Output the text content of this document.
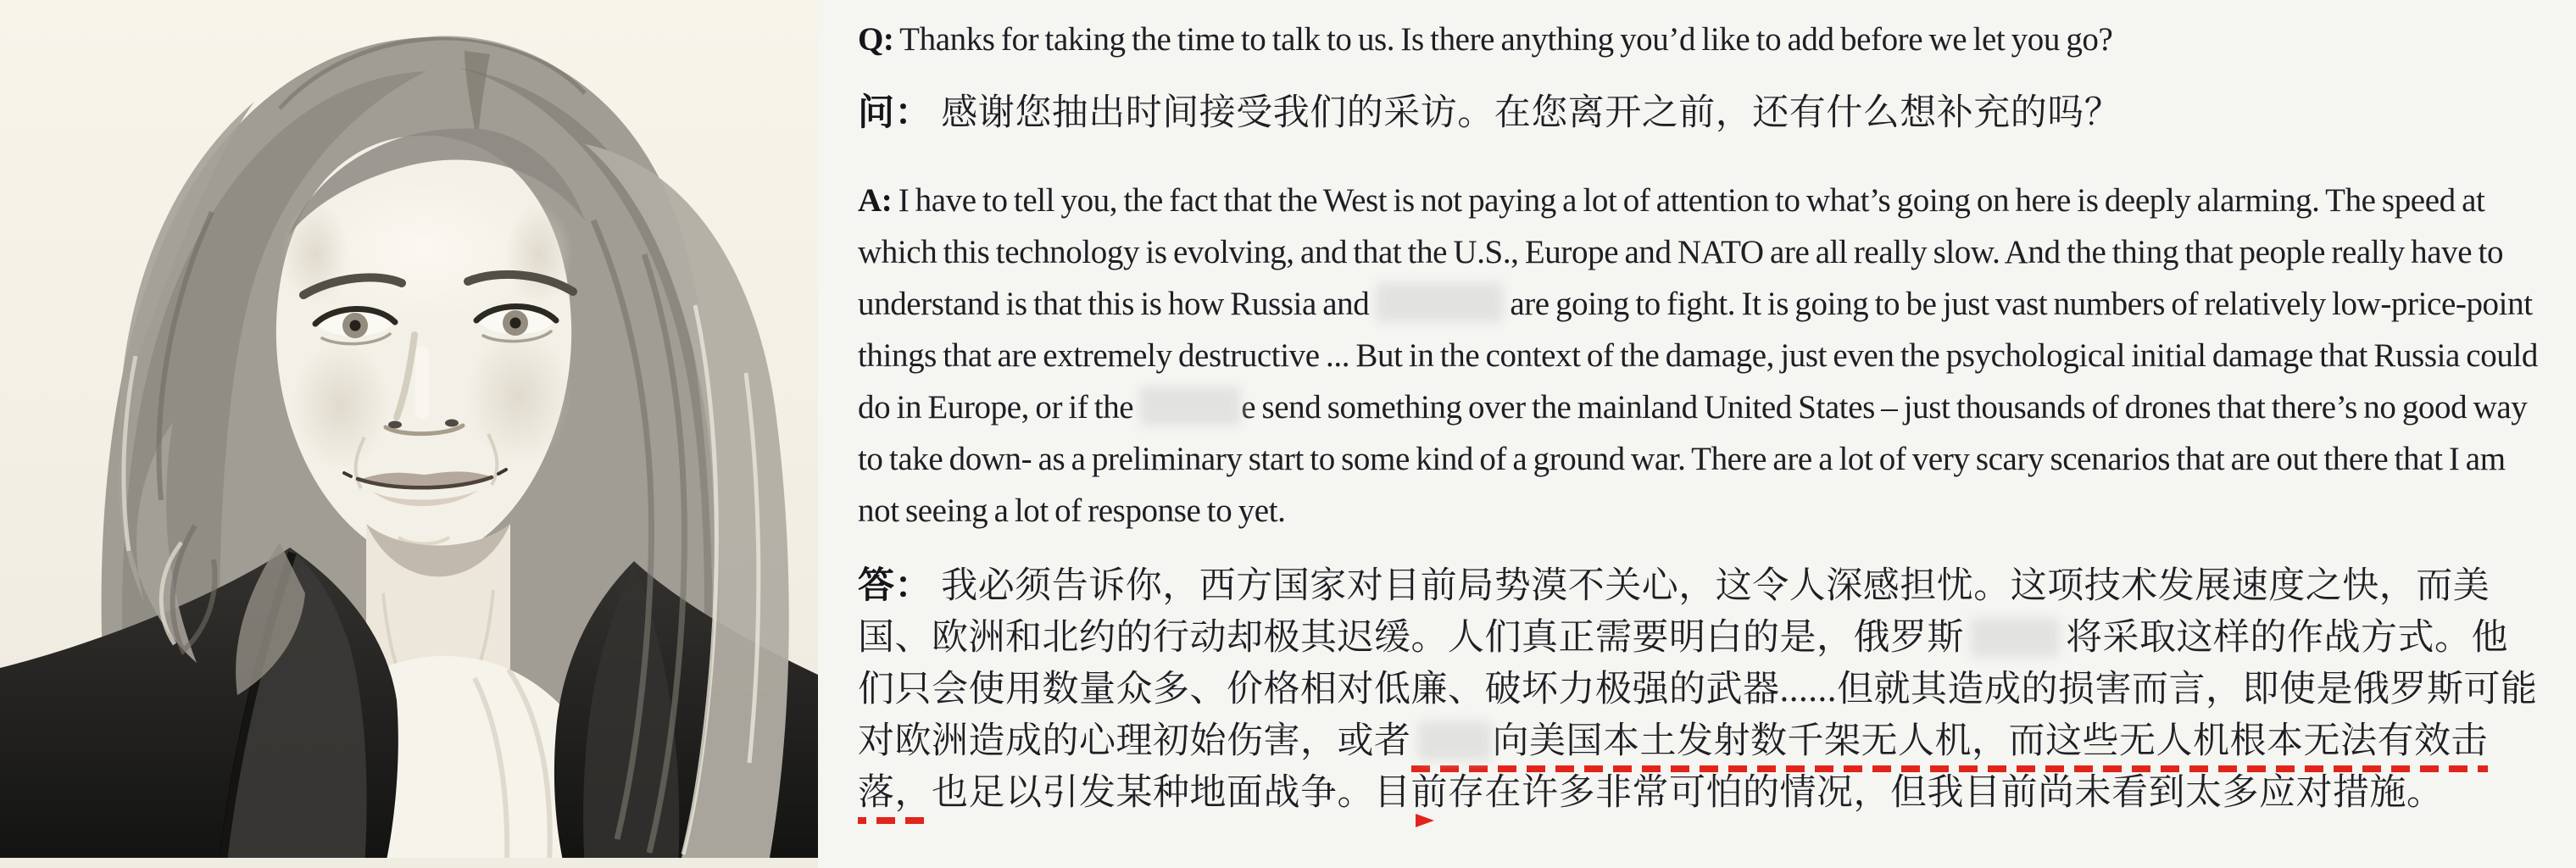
Q: Thanks for taking the time to talk to us. Is there anything you’d like to add before we let you go?

问： 感谢您抽出时间接受我们的采访。在您离开之前，还有什么想补充的吗？

A: I have to tell you, the fact that the West is not paying a lot of attention to what’s going on here is deeply alarming. The speed at which this technology is evolving, and that the U.S., Europe and NATO are all really slow. And the thing that people really have to understand is that this is how Russia and	are going to fight. It is going to be just vast numbers of relatively low-price-point things that are extremely destructive ... But in the context of the damage, just even the psychological initial damage that Russia could do in Europe, or if the	e send something over the mainland United States – just thousands of drones that there’s no good way to take down- as a preliminary start to some kind of a ground war. There are a lot of very scary scenarios that are out there that I am not seeing a lot of response to yet.

答： 我必须告诉你，西方国家对目前局势漠不关心，这令人深感担忧。这项技术发展速度之快，而美国、欧洲和北约的行动却极其迟缓。人们真正需要明白的是，俄罗斯	将采取这样的作战方式。他们只会使用数量众多、价格相对低廉、破坏力极强的武器......但就其造成的损害而言，即使是俄罗斯可能对欧洲造成的心理初始伤害，或者 向美国本土发射数千架无人机，而这些无人机根本无法有效击落，
也足以引发某种地面战争。目前存在许多非常可怕的情况，但我目前尚未看到太多应对措施。
